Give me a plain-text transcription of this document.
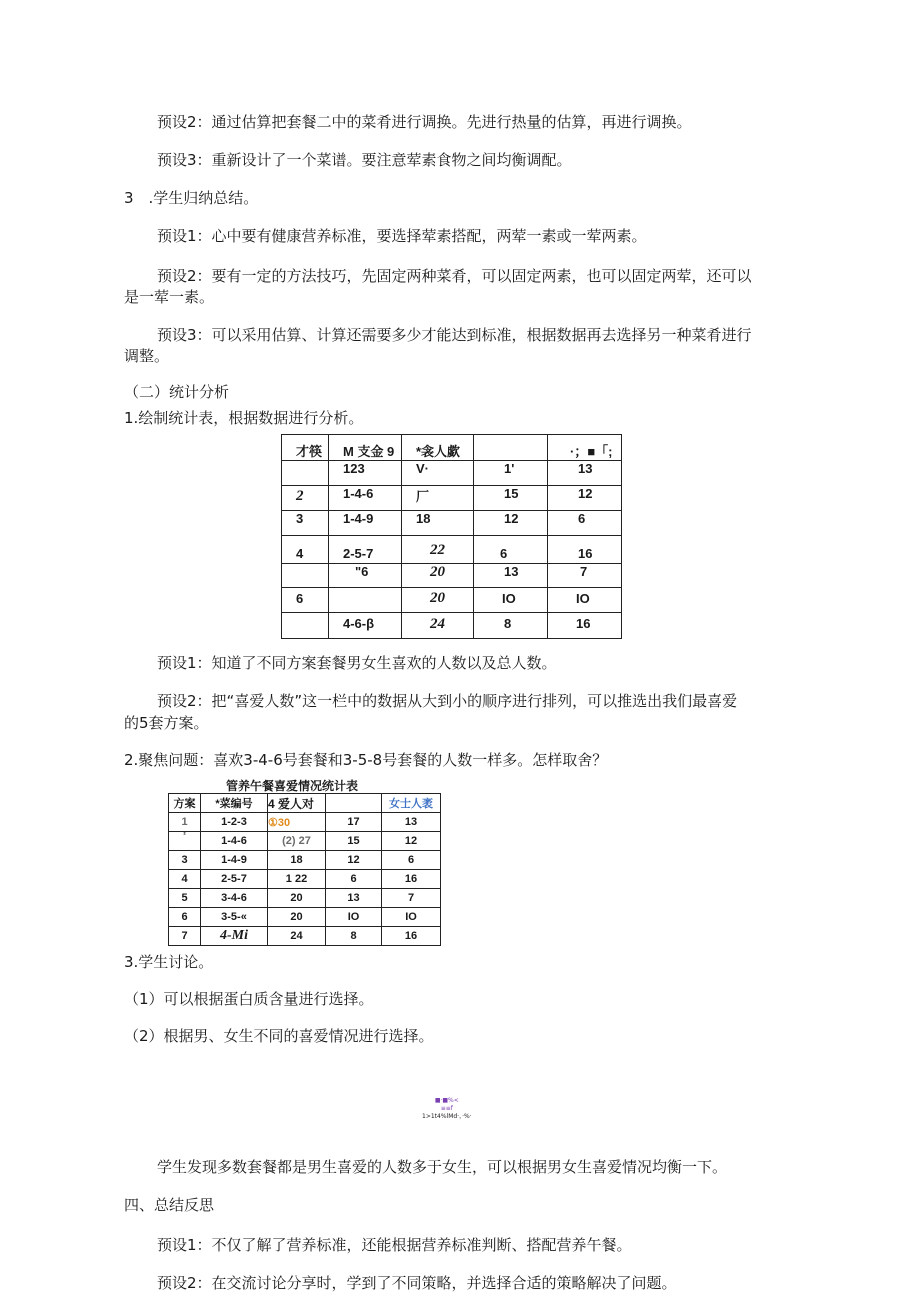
预设2：通过估算把套餐二中的菜肴进行调换。先进行热量的估算，再进行调换。
预设3：重新设计了一个菜谱。要注意荤素食物之间均衡调配。
3　.学生归纳总结。
预设1：心中要有健康营养标准，要选择荤素搭配，两荤一素或一荤两素。
预设2：要有一定的方法技巧，先固定两种菜肴，可以固定两素，也可以固定两荤，还可以
是一荤一素。
预设3：可以采用估算、计算还需要多少才能达到标准，根据数据再去选择另一种菜肴进行
调整。
（二）统计分析
1.绘制统计表，根据数据进行分析。
才筷	M 支金 9	*衾人歔		·；■「;
	123	V·	1'	13
2	1-4-6	厂	15	12
3	1-4-9	18	12	6
4	2-5-7	22	6	16
	"6	20	13	7
6		20	IO	IO
	4-6-β	24	8	16
预设1：知道了不同方案套餐男女生喜欢的人数以及总人数。
预设2：把“喜爱人数”这一栏中的数据从大到小的顺序进行排列，可以推选出我们最喜爱
的5套方案。
2.聚焦问题：喜欢3-4-6号套餐和3-5-8号套餐的人数一样多。怎样取舍？
管养午餐喜爱情况统计表
方案	*菜编号	4 爱人对		女士人袤
1	1-2-3	①30	17	13
²	1-4-6	(2) 27	15	12
3	1-4-9	18	12	6
4	2-5-7	1 22	6	16
5	3-4-6	20	13	7
6	3-5-«	20	IO	IO
7	4-Mi	24	8	16
3.学生讨论。
（1）可以根据蛋白质含量进行选择。
（2）根据男、女生不同的喜爱情况进行选择。
■·■%<
≡≡f
1>1t4%lMd·，·%·
学生发现多数套餐都是男生喜爱的人数多于女生，可以根据男女生喜爱情况均衡一下。
四、总结反思
预设1：不仅了解了营养标准，还能根据营养标准判断、搭配营养午餐。
预设2：在交流讨论分享时，学到了不同策略，并选择合适的策略解决了问题。
